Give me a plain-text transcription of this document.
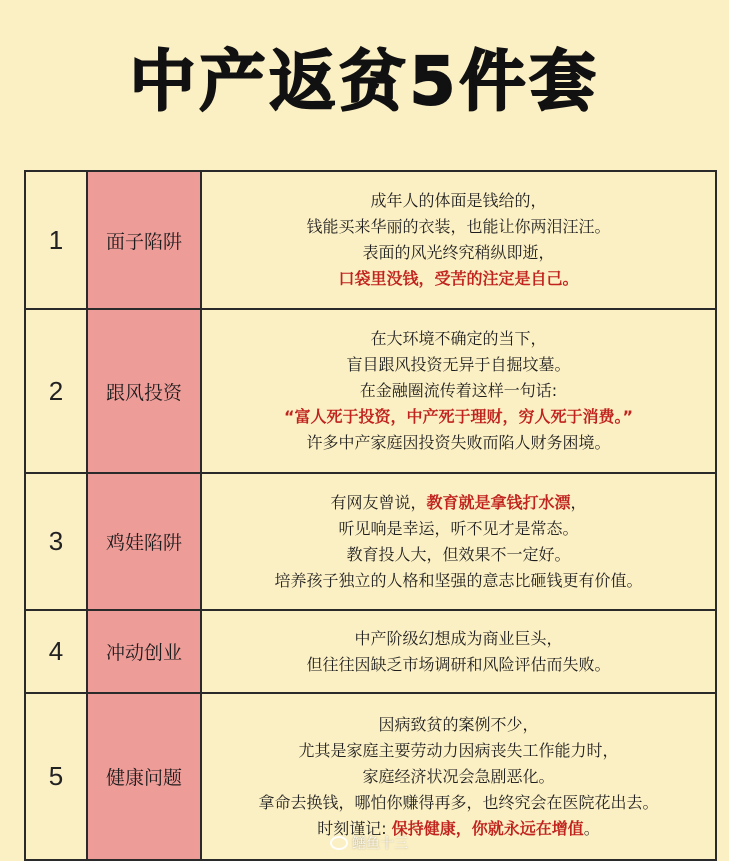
中产返贫5件套
1	面子陷阱	成年人的体面是钱给的，
钱能买来华丽的衣装，也能让你两泪汪汪。
表面的风光终究稍纵即逝，
口袋里没钱，受苦的注定是自己。

2	跟风投资	在大环境不确定的当下，
盲目跟风投资无异于自掘坟墓。
在金融圈流传着这样一句话:
“富人死于投资，中产死于理财，穷人死于消费。”
许多中产家庭因投资失败而陷人财务困境。

3	鸡娃陷阱	有网友曾说，教育就是拿钱打水漂，
听见响是幸运，听不见才是常态。
教育投人大，但效果不一定好。
培养孩子独立的人格和坚强的意志比砸钱更有价值。

4	冲动创业	中产阶级幻想成为商业巨头，
但往往因缺乏市场调研和风险评估而失败。

5	健康问题	因病致贫的案例不少，
尤其是家庭主要劳动力因病丧失工作能力时，
家庭经济状况会急剧恶化。
拿命去换钱，哪怕你赚得再多，也终究会在医院花出去。
时刻谨记: 保持健康，你就永远在增值。
鳝鱼十三
